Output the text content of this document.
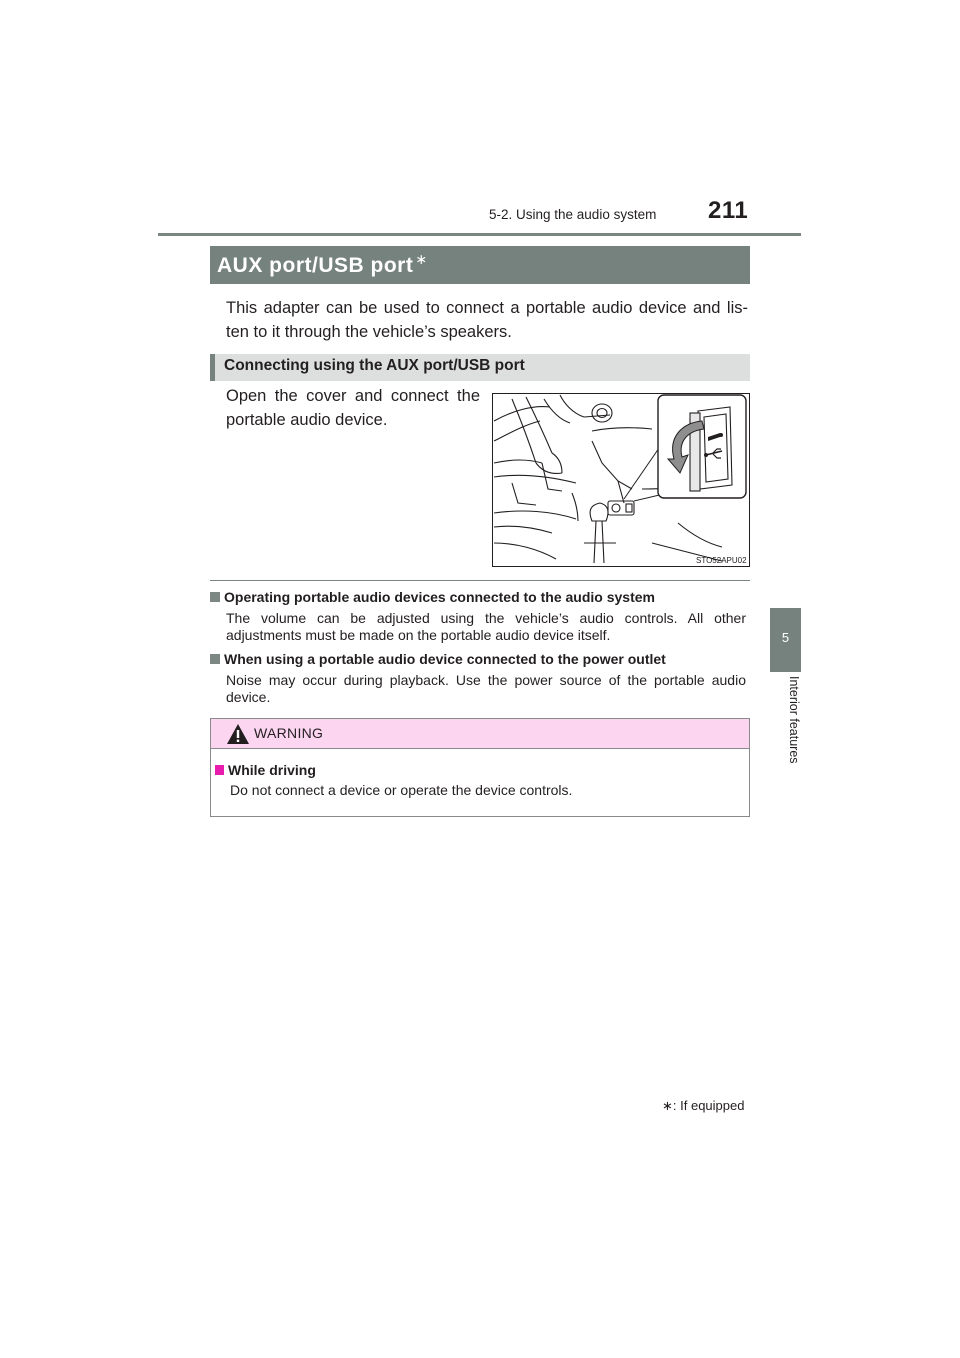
5-2. Using the audio system 211
5
Interior features
AUX port/USB port ∗
This adapter can be used to connect a portable audio device and lis-
ten to it through the vehicle’s speakers.
Connecting using the AUX port/USB port
Open the cover and connect the portable audio device.
STO52APU02
Operating portable audio devices connected to the audio system
The volume can be adjusted using the vehicle’s audio controls. All other adjustments must be made on the portable audio device itself.
When using a portable audio device connected to the power outlet
Noise may occur during playback. Use the power source of the portable audio device.
WARNING
While driving
Do not connect a device or operate the device controls.
∗: If equipped
